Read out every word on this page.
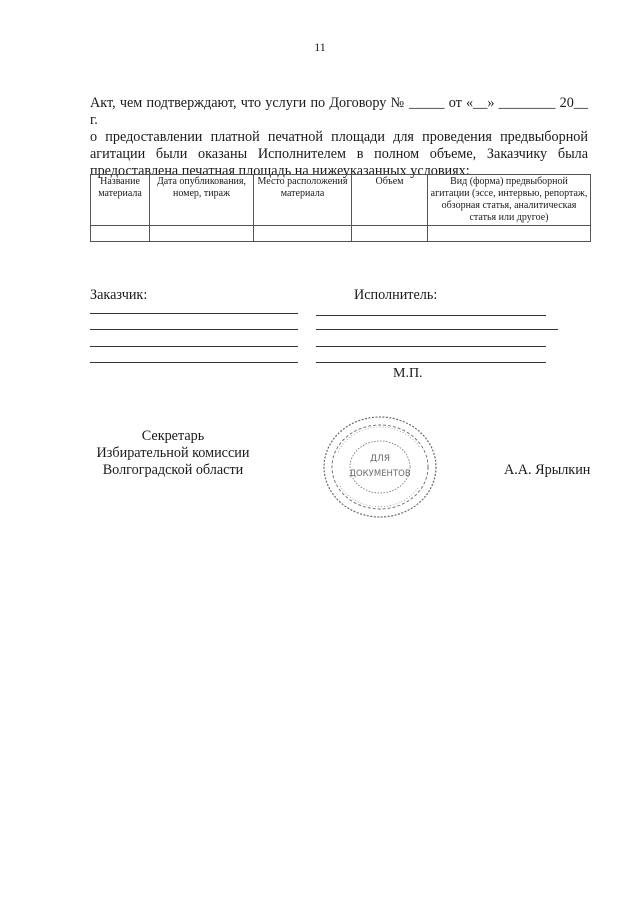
11

Акт, чем подтверждают, что услуги по Договору № _____ от «__» ________ 20__ г.
о предоставлении платной печатной площади для проведения предвыборной
агитации были оказаны Исполнителем в полном объеме, Заказчику была
предоставлена печатная площадь на нижеуказанных условиях:

Название материала	Дата опубликования, номер, тираж	Место расположения материала	Объем	Вид (форма) предвыборной агитации (эссе, интервью, репортаж, обзорная статья, аналитическая статья или другое)

Заказчик:	Исполнитель:
М.П.
Секретарь
Избирательной комиссии
Волгоградской области	А.А. Ярылкин
ДЛЯ
ДОКУМЕНТОВ
